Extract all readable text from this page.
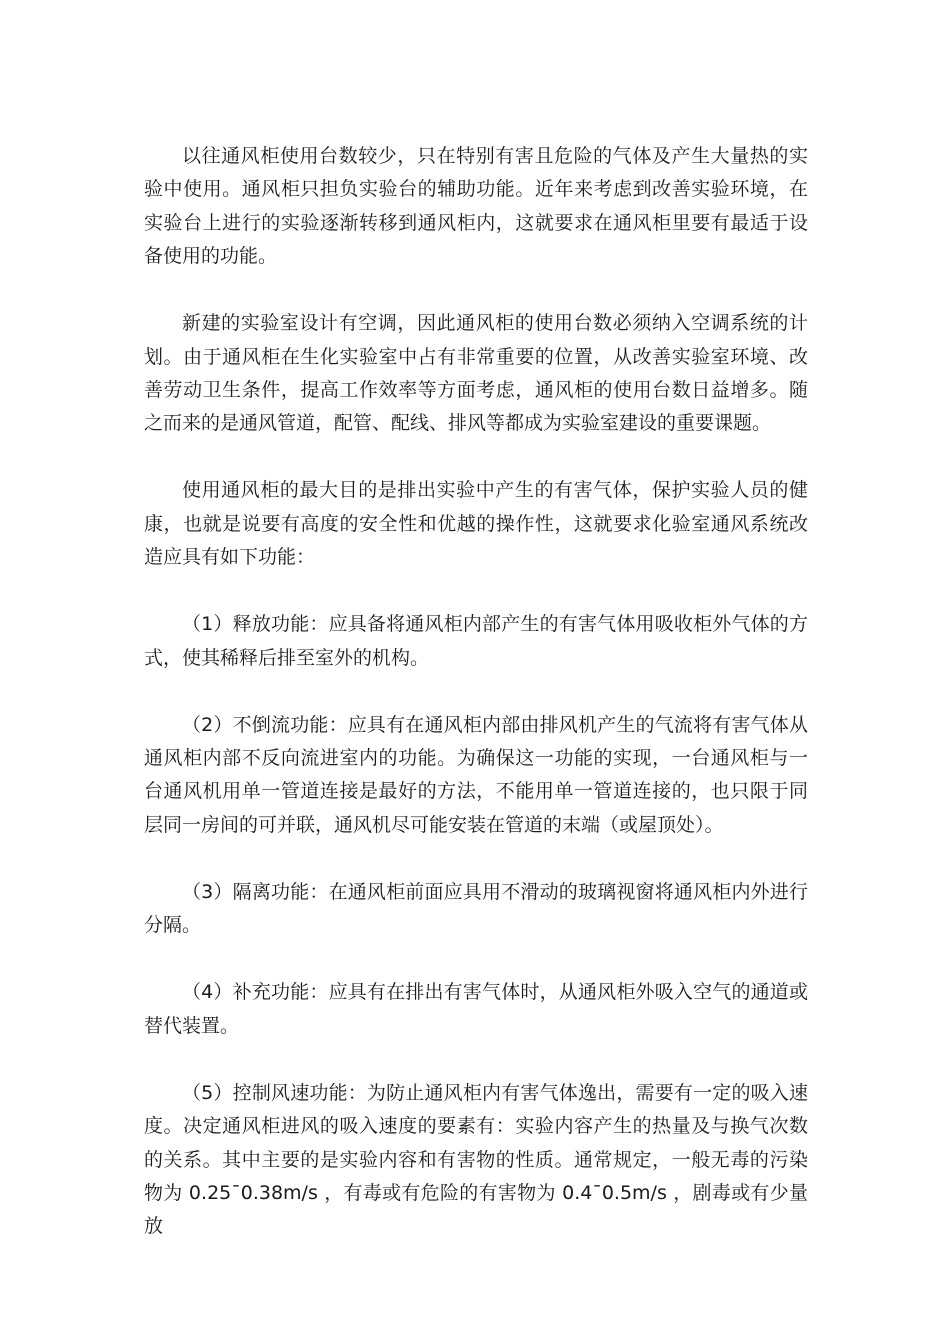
以往通风柜使用台数较少，只在特别有害且危险的气体及产生大量热的实验中使用。通风柜只担负实验台的辅助功能。近年来考虑到改善实验环境，在实验台上进行的实验逐渐转移到通风柜内，这就要求在通风柜里要有最适于设备使用的功能。

新建的实验室设计有空调，因此通风柜的使用台数必须纳入空调系统的计划。由于通风柜在生化实验室中占有非常重要的位置，从改善实验室环境、改善劳动卫生条件，提高工作效率等方面考虑，通风柜的使用台数日益增多。随之而来的是通风管道，配管、配线、排风等都成为实验室建设的重要课题。

使用通风柜的最大目的是排出实验中产生的有害气体，保护实验人员的健康，也就是说要有高度的安全性和优越的操作性，这就要求化验室通风系统改造应具有如下功能：

（1）释放功能：应具备将通风柜内部产生的有害气体用吸收柜外气体的方式，使其稀释后排至室外的机构。

（2）不倒流功能：应具有在通风柜内部由排风机产生的气流将有害气体从通风柜内部不反向流进室内的功能。为确保这一功能的实现，一台通风柜与一台通风机用单一管道连接是最好的方法，不能用单一管道连接的，也只限于同层同一房间的可并联，通风机尽可能安装在管道的末端（或屋顶处）。

（3）隔离功能：在通风柜前面应具用不滑动的玻璃视窗将通风柜内外进行分隔。

（4）补充功能：应具有在排出有害气体时，从通风柜外吸入空气的通道或替代装置。

（5）控制风速功能：为防止通风柜内有害气体逸出，需要有一定的吸入速度。决定通风柜进风的吸入速度的要素有：实验内容产生的热量及与换气次数的关系。其中主要的是实验内容和有害物的性质。通常规定，一般无毒的污染物为 0.25¯0.38m/s ，有毒或有危险的有害物为 0.4¯0.5m/s ，剧毒或有少量放
